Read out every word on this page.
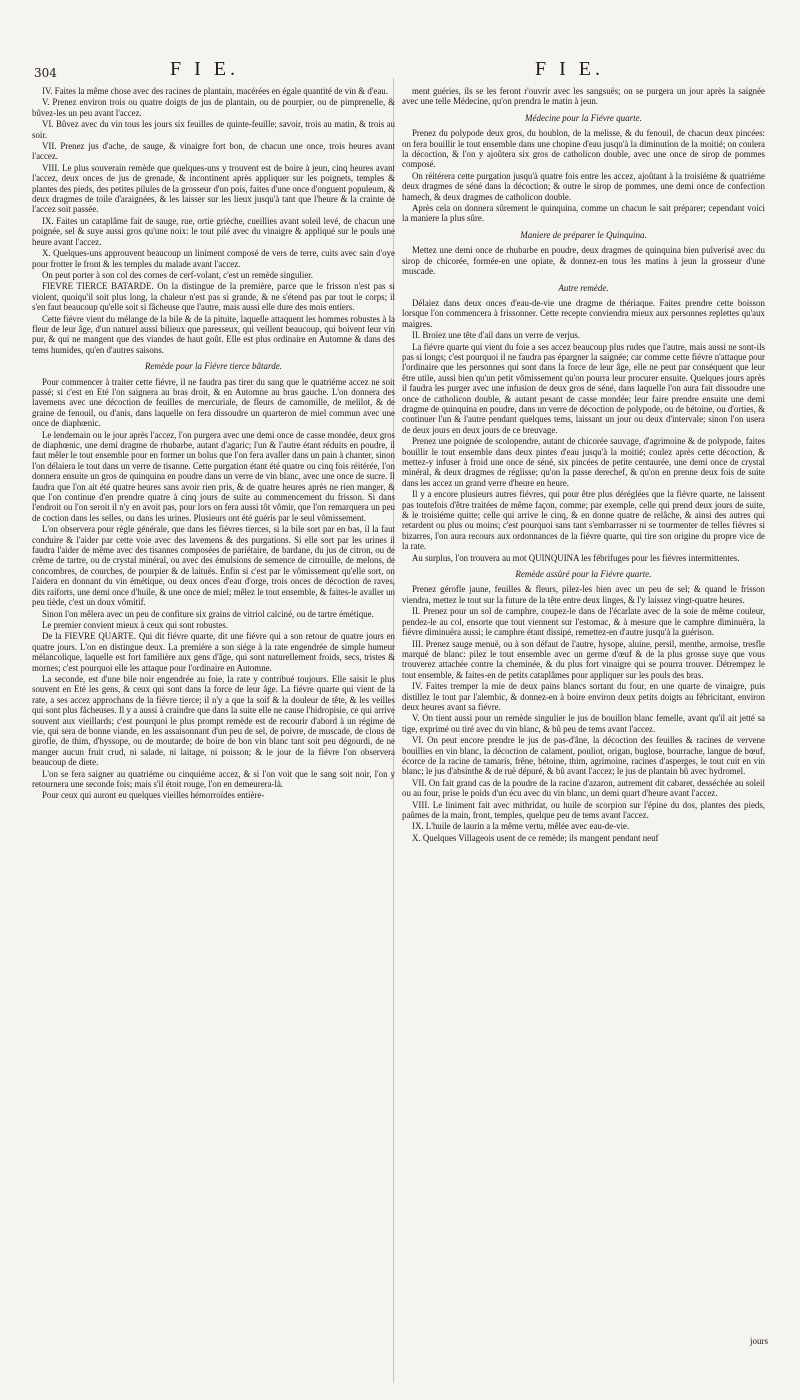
304	F I E.	F I E.

IV. Faites la même chose avec des racines de plantain, macérées en égale quantité de vin & d'eau.

V. Prenez environ trois ou quatre doigts de jus de plantain, ou de pourpier, ou de pimprenelle, & bûvez-les un peu avant l'accez.

VI. Bûvez avec du vin tous les jours six feuilles de quinte-feuille; savoir, trois au matin, & trois au soir.

VII. Prenez jus d'ache, de sauge, & vinaigre fort bon, de chacun une once, trois heures avant l'accez.

VIII. Le plus souverain remède que quelques-uns y trouvent est de boire à jeun, cinq heures avant l'accez, deux onces de jus de grenade, & incontinent après appliquer sur les poignets, temples & plantes des pieds, des petites pilules de la grosseur d'un pois, faites d'une once d'onguent populeum, & deux dragmes de toile d'araignées, & les laisser sur les lieux jusqu'à tant que l'heure & la crainte de l'accez soit passée.

IX. Faites un cataplâme fait de sauge, rue, ortie grièche, cueillies avant soleil levé, de chacun une poignée, sel & suye aussi gros qu'une noix: le tout pilé avec du vinaigre & appliqué sur le pouls une heure avant l'accez.

X. Quelques-uns approuvent beaucoup un liniment composé de vers de terre, cuits avec sain d'oye pour frotter le front & les temples du malade avant l'accez.

On peut porter à son col des cornes de cerf-volant, c'est un remède singulier.

FIEVRE TIERCE BATARDE. On la distingue de la première, parce que le frisson n'est pas si violent, quoiqu'il soit plus long, la chaleur n'est pas si grande, & ne s'étend pas par tout le corps; il s'en faut beaucoup qu'elle soit si fâcheuse que l'autre, mais aussi elle dure des mois entiers.

Cette fiévre vient du mélange de la bile & de la pituite, laquelle attaquent les hommes robustes à la fleur de leur âge, d'un naturel aussi bilieux que paresseux, qui veillent beaucoup, qui boivent leur vin pur, & qui ne mangent que des viandes de haut goût. Elle est plus ordinaire en Automne & dans des tems humides, qu'en d'autres saisons.

Remède pour la Fiévre tierce bâtarde.

Pour commencer à traiter cette fiévre, il ne faudra pas tirer du sang que le quatriéme accez ne soit passé; si c'est en Eté l'on saignera au bras droit, & en Automne au bras gauche. L'on donnera des lavemens avec une décoction de feuilles de mercuriale, de fleurs de camomille, de melilot, & de graine de fenouil, ou d'anis, dans laquelle on fera dissoudre un quarteron de miel commun avec une once de diaphœnic.

Le lendemain ou le jour après l'accez, l'on purgera avec une demi once de casse mondée, deux gros de diaphœnic, une demi dragme de rhubarbe, autant d'agaric; l'un & l'autre étant réduits en poudre, il faut mêler le tout ensemble pour en former un bolus que l'on fera avaller dans un pain à chanter, sinon l'on délaiera le tout dans un verre de tisanne. Cette purgation étant été quatre ou cinq fois réitérée, l'on donnera ensuite un gros de quinquina en poudre dans un verre de vin blanc, avec une once de sucre. Il faudra que l'on ait été quatre heures sans avoir rien pris, & de quatre heures après ne rien manger, & que l'on continue d'en prendre quatre à cinq jours de suite au commencement du frisson. Si dans l'endroit ou l'on seroit il n'y en avoit pas, pour lors on fera aussi tôt vômir, que l'on remarquera un peu de coction dans les selles, ou dans les urines. Plusieurs ont été guéris par le seul vômissement.

L'on observera pour règle générale, que dans les fiévres tierces, si la bile sort par en bas, il la faut conduire & l'aider par cette voie avec des lavemens & des purgations. Si elle sort par les urines il faudra l'aider de même avec des tisannes composées de pariétaire, de bardane, du jus de citron, ou de crême de tartre, ou de crystal minéral, ou avec des émulsions de semence de citrouille, de melons, de concombres, de courches, de pourpier & de laituës. Enfin si c'est par le vômissement qu'elle sort, on l'aidera en donnant du vin émétique, ou deux onces d'eau d'orge, trois onces de décoction de raves, dits raiforts, une demi once d'huile, & une once de miel; mêlez le tout ensemble, & faites-le avaller un peu tiède, c'est un doux vômitif.

Sinon l'on mêlera avec un peu de confiture six grains de vitriol calciné, ou de tartre émétique.

Le premier convient mieux à ceux qui sont robustes.

De la FIEVRE QUARTE. Qui dit fiévre quarte, dit une fiévre qui a son retour de quatre jours en quatre jours. L'on en distingue deux. La premiére a son siége à la rate engendrée de simple humeur mélancolique, laquelle est fort familière aux gens d'âge, qui sont naturellement froids, secs, tristes & mornes; c'est pourquoi elle les attaque pour l'ordinaire en Automne.

La seconde, est d'une bile noir engendrée au foie, la rate y contribué toujours. Elle saisit le plus souvent en Eté les gens, & ceux qui sont dans la force de leur âge. La fiévre quarte qui vient de la rate, a ses accez approchans de la fiévre tierce; il n'y a que la soif & la douleur de tête, & les veilles qui sont plus fâcheuses. Il y a aussi à craindre que dans la suite elle ne cause l'hidropisie, ce qui arrive souvent aux vieillards; c'est pourquoi le plus prompt remède est de recourir d'abord à un régime de vie, qui sera de bonne viande, en les assaisonnant d'un peu de sel, de poivre, de muscade, de clous de girofle, de thim, d'hyssope, ou de moutarde; de boire de bon vin blanc tant soit peu dégourdi, de ne manger aucun fruit crud, ni salade, ni laitage, ni poisson; & le jour de la fiévre l'on observera beaucoup de diete.

L'on se fera saigner au quatriéme ou cinquiéme accez, & si l'on voit que le sang soit noir, l'on y retournera une seconde fois; mais s'il étoit rouge, l'on en demeurera-là.

Pour ceux qui auront eu quelques vieilles hémorroïdes entière-

ment guéries, ils se les feront r'ouvrir avec les sangsuës; on se purgera un jour après la saignée avec une telle Médecine, qu'on prendra le matin à jeun.

Médecine pour la Fiévre quarte.

Prenez du polypode deux gros, du houblon, de la melisse, & du fenouil, de chacun deux pincées: on fera bouillir le tout ensemble dans une chopine d'eau jusqu'à la diminution de la moitié; on coulera la décoction, & l'on y ajoûtera six gros de catholicon double, avec une once de sirop de pommes composé.

On réitérera cette purgation jusqu'à quatre fois entre les accez, ajoûtant à la troisiéme & quatriéme deux dragmes de séné dans la décoction; & outre le sirop de pommes, une demi once de confection hamech, & deux dragmes de catholicon double.

Après cela on donnera sûrement le quinquina, comme un chacun le sait préparer; cependant voici la maniere la plus sûre.

Maniere de préparer le Quinquina.

Mettez une demi once de rhubarbe en poudre, deux dragmes de quinquina bien pulverisé avec du sirop de chicorée, formée-en une opiate, & donnez-en tous les matins à jeun la grosseur d'une muscade.

Autre remède.

Délaiez dans deux onces d'eau-de-vie une dragme de thériaque. Faites prendre cette boisson lorsque l'on commencera à frissonner. Cette recepte conviendra mieux aux personnes replettes qu'aux maigres.

II. Broïez une tête d'ail dans un verre de verjus.

La fiévre quarte qui vient du foie a ses accez beaucoup plus rudes que l'autre, mais aussi ne sont-ils pas si longs; c'est pourquoi il ne faudra pas épargner la saignée; car comme cette fiévre n'attaque pour l'ordinaire que les personnes qui sont dans la force de leur âge, elle ne peut par conséquent que leur être utile, aussi bien qu'un petit vômissement qu'on pourra leur procurer ensuite. Quelques jours après il faudra les purger avec une infusion de deux gros de séné, dans laquelle l'on aura fait dissoudre une once de catholicon double, & autant pesant de casse mondée; leur faire prendre ensuite une demi dragme de quinquina en poudre, dans un verre de décoction de polypode, ou de bétoine, ou d'orties, & continuer l'un & l'autre pendant quelques tems, laissant un jour ou deux d'intervale; sinon l'on usera de deux jours en deux jours de ce breuvage.

Prenez une poignée de scolopendre, autant de chicorée sauvage, d'agrimoine & de polypode, faites bouillir le tout ensemble dans deux pintes d'eau jusqu'à la moitié; coulez après cette décoction, & mettez-y infuser à froid une once de séné, six pincées de petite centaurée, une demi once de crystal minéral, & deux dragmes de réglisse; qu'on la passe derechef, & qu'on en prenne deux fois de suite dans les accez un grand verre d'heure en heure.

Il y a encore plusieurs autres fiévres, qui pour être plus déréglées que la fiévre quarte, ne laissent pas toutefois d'être traitées de même façon, comme; par exemple, celle qui prend deux jours de suite, & le troisiéme quitte; celle qui arrive le cinq, & en donne quatre de relâche, & ainsi des autres qui retardent ou plus ou moins; c'est pourquoi sans tant s'embarrasser ni se tourmenter de telles fiévres si bizarres, l'on aura recours aux ordonnances de la fiévre quarte, qui tire son origine du propre vice de la rate.

Au surplus, l'on trouvera au mot QUINQUINA les fébrifuges pour les fiévres intermittentes.

Remède assûré pour la Fiévre quarte.

Prenez gérofle jaune, feuilles & fleurs, pilez-les bien avec un peu de sel; & quand le frisson viendra, mettez le tout sur la future de la tête entre deux linges, & l'y laissez vingt-quatre heures.

II. Prenez pour un sol de camphre, coupez-le dans de l'écarlate avec de la soie de même couleur, pendez-le au col, ensorte que tout viennent sur l'estomac, & à mesure que le camphre diminuëra, la fiévre diminuëra aussi; le camphre étant dissipé, remettez-en d'autre jusqu'à la guérison.

III. Prenez sauge menuë, ou à son défaut de l'autre, hysope, aluine, persil, menthe, armoise, tresfle marqué de blanc: pilez le tout ensemble avec un germe d'œuf & de la plus grosse suye que vous trouverez attachée contre la cheminée, & du plus fort vinaigre qui se pourra trouver. Détrempez le tout ensemble, & faites-en de petits cataplâmes pour appliquer sur les pouls des bras.

IV. Faites tremper la mie de deux pains blancs sortant du four, en une quarte de vinaigre, puis distillez le tout par l'alembic, & donnez-en à boire environ deux petits doigts au fébricitant, environ deux heures avant sa fiévre.

V. On tient aussi pour un remède singulier le jus de bouillon blanc femelle, avant qu'il ait jetté sa tige, exprimé ou tiré avec du vin blanc, & bû peu de tems avant l'accez.

VI. On peut encore prendre le jus de pas-d'âne, la décoction des feuilles & racines de vervene bouillies en vin blanc, la décoction de calament, pouliot, origan, buglose, bourrache, langue de bœuf, écorce de la racine de tamaris, frêne, bétoine, thim, agrimoine, racines d'asperges, le tout cuit en vin blanc; le jus d'absinthe & de ruë dépuré, & bû avant l'accez; le jus de plantain bû avec hydromel.

VII. On fait grand cas de la poudre de la racine d'azaron, autrement dit cabaret, desséchée au soleil ou au four, prise le poids d'un écu avec du vin blanc, un demi quart d'heure avant l'accez.

VIII. Le liniment fait avec mithridat, ou huile de scorpion sur l'épine du dos, plantes des pieds, paûmes de la main, front, temples, quelque peu de tems avant l'accez.

IX. L'huile de laurin a la même vertu, mêlée avec eau-de-vie.

X. Quelques Villageois usent de ce remède; ils mangent pendant neuf

jours
